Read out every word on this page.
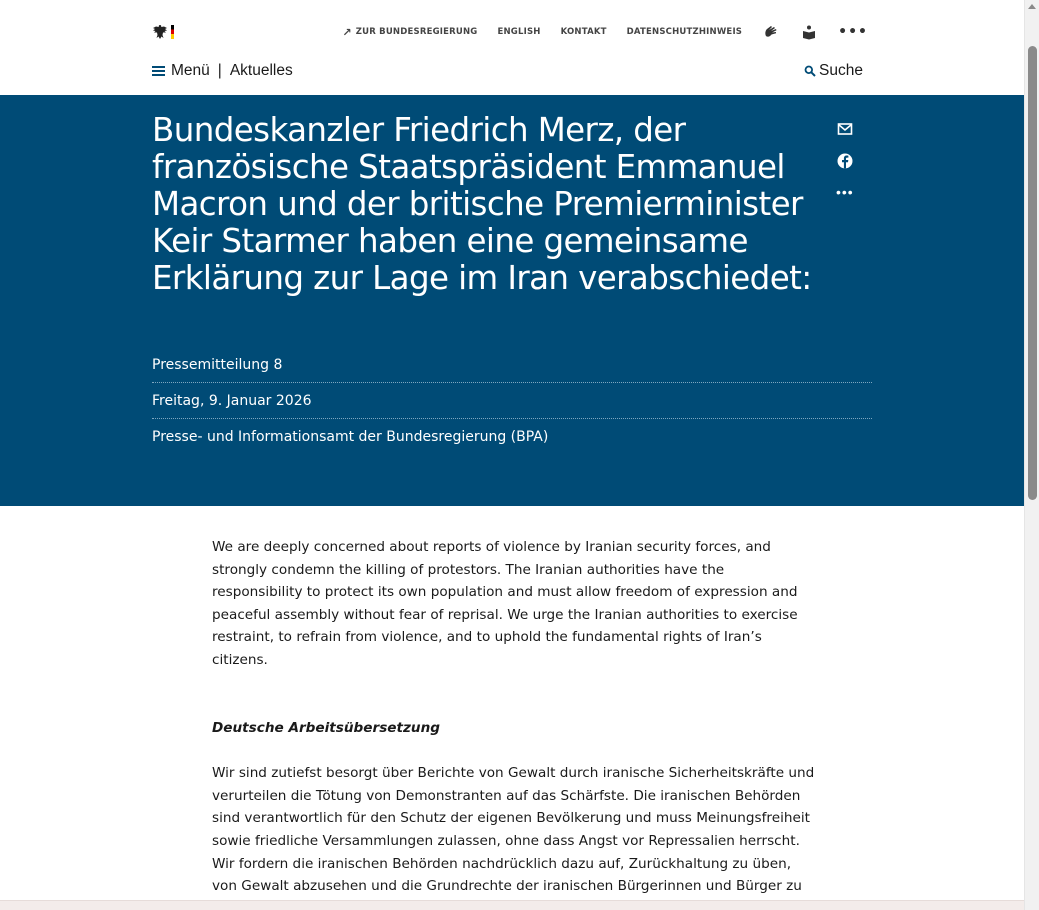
↗ ZUR BUNDESREGIERUNG ENGLISH KONTAKT DATENSCHUTZHINWEIS	•••
Menü | Aktuelles	Suche
Bundeskanzler Friedrich Merz, der französische Staatspräsident Emmanuel Macron und der britische Premierminister Keir Starmer haben eine gemeinsame Erklärung zur Lage im Iran verabschiedet:
•••
Pressemitteilung 8
Freitag, 9. Januar 2026
Presse- und Informationsamt der Bundesregierung (BPA)

We are deeply concerned about reports of violence by Iranian security forces, and strongly condemn the killing of protestors. The Iranian authorities have the responsibility to protect its own population and must allow freedom of expression and peaceful assembly without fear of reprisal. We urge the Iranian authorities to exercise restraint, to refrain from violence, and to uphold the fundamental rights of Iran’s citizens.

Deutsche Arbeitsübersetzung

Wir sind zutiefst besorgt über Berichte von Gewalt durch iranische Sicherheitskräfte und verurteilen die Tötung von Demonstranten auf das Schärfste. Die iranischen Behörden sind verantwortlich für den Schutz der eigenen Bevölkerung und muss Meinungsfreiheit sowie friedliche Versammlungen zulassen, ohne dass Angst vor Repressalien herrscht. Wir fordern die iranischen Behörden nachdrücklich dazu auf, Zurückhaltung zu üben, von Gewalt abzusehen und die Grundrechte der iranischen Bürgerinnen und Bürger zu
